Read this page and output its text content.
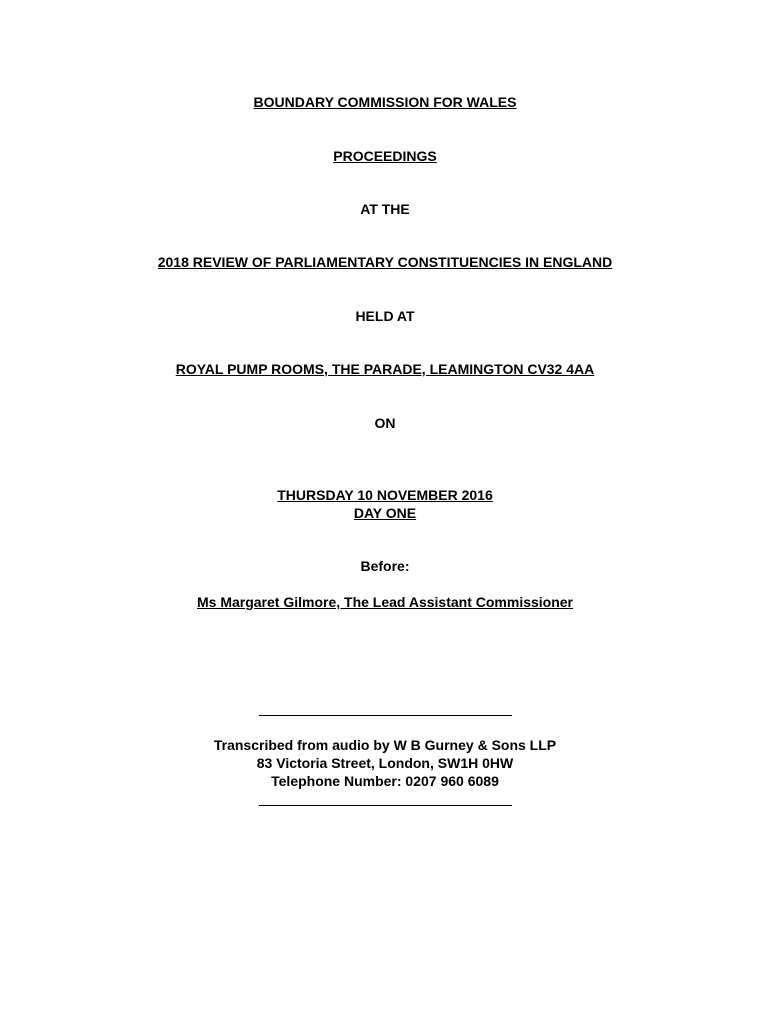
BOUNDARY COMMISSION FOR WALES
PROCEEDINGS
AT THE
2018 REVIEW OF PARLIAMENTARY CONSTITUENCIES IN ENGLAND
HELD AT
ROYAL PUMP ROOMS, THE PARADE, LEAMINGTON CV32 4AA
ON
THURSDAY 10 NOVEMBER 2016
DAY ONE
Before:
Ms Margaret Gilmore, The Lead Assistant Commissioner
Transcribed from audio by W B Gurney & Sons LLP
83 Victoria Street, London, SW1H 0HW
Telephone Number: 0207 960 6089
